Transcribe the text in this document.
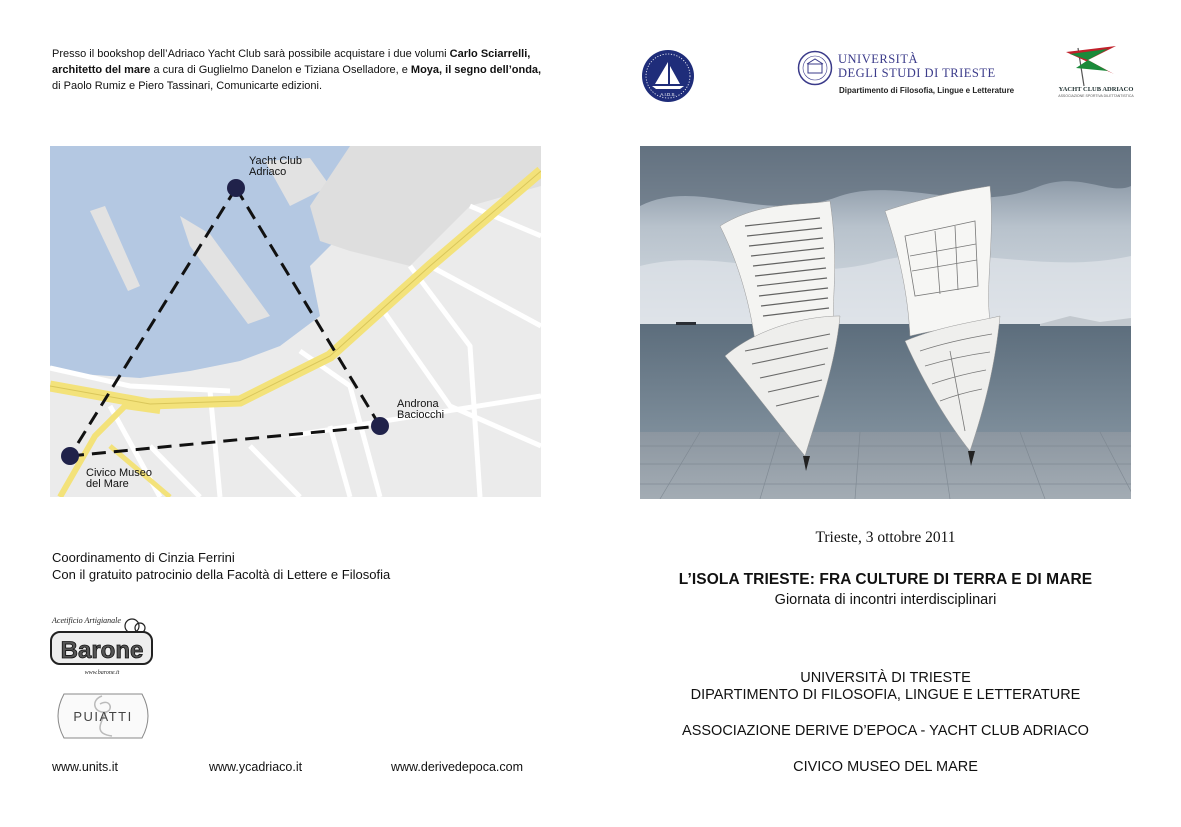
Presso il bookshop dell’Adriaco Yacht Club sarà possibile acquistare i due volumi Carlo Sciarrelli, architetto del mare a cura di Guglielmo Danelon e Tiziana Oselladore, e Moya, il segno dell’onda, di Paolo Rumiz e Piero Tassinari, Comunicarte edizioni.
Yacht Club Adriaco
Androna Baciocchi
Civico Museo del Mare
Coordinamento di Cinzia Ferrini
Con il gratuito patrocinio della Facoltà di Lettere e Filosofia
Acetificio Artigianale
Barone
www.barone.it
PUIATTI
www.units.it	www.ycadriaco.it	www.derivedepoca.com
A.I.D.S.
UNIVERSITÀ
DEGLI STUDI DI TRIESTE
Dipartimento di Filosofia, Lingue e Letterature	YACHT CLUB ADRIACO
ASSOCIAZIONE SPORTIVA DILETTANTISTICA
Trieste, 3 ottobre 2011
L’ISOLA TRIESTE: FRA CULTURE DI TERRA E DI MARE
Giornata di incontri interdisciplinari
UNIVERSITÀ DI TRIESTE
DIPARTIMENTO DI FILOSOFIA, LINGUE E LETTERATURE
ASSOCIAZIONE DERIVE D’EPOCA - YACHT CLUB ADRIACO
CIVICO MUSEO DEL MARE
